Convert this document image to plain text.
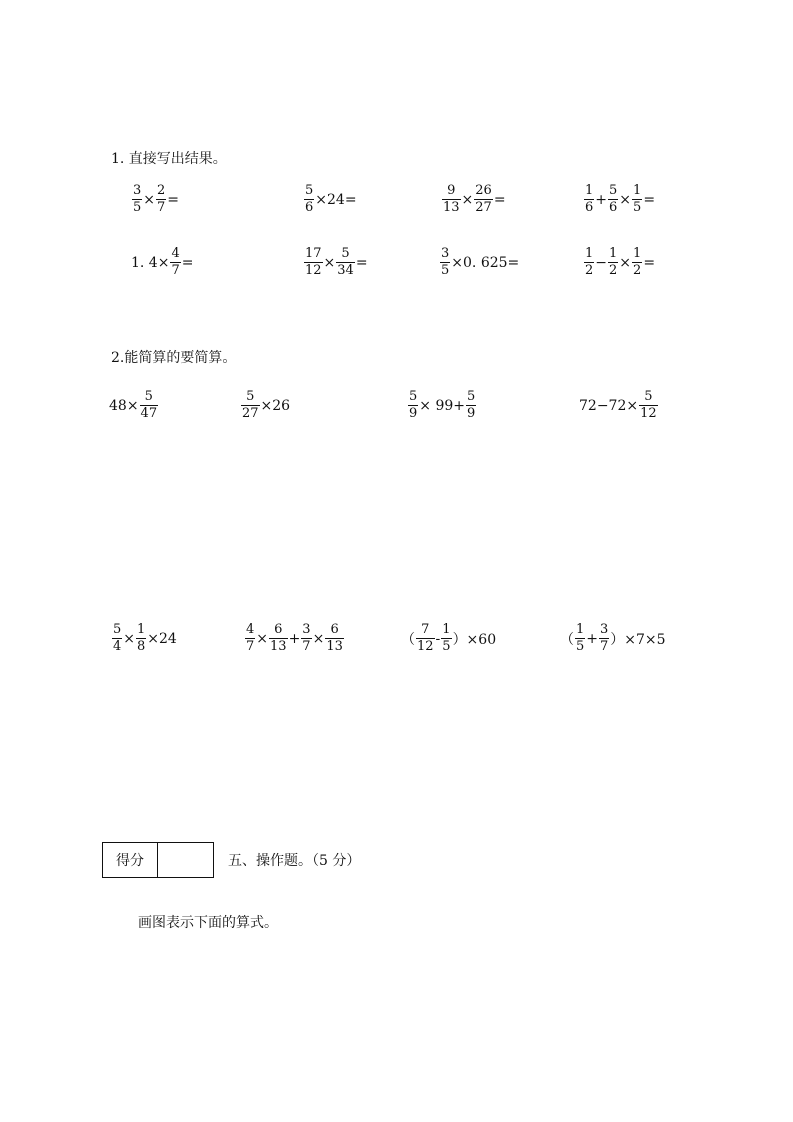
1. 直接写出结果。
$\frac{3}{5} \times \frac{2}{7}$ =	$\frac{5}{6} \times 24=$	$\frac{9}{13} \times \frac{26}{27}$ =	$\frac{1}{6} + \frac{5}{6} \times \frac{1}{5}$ =
1. $4\times \frac{4}{7}$ =	$\frac{17}{12} \times \frac{5}{34}$ =	$\frac{3}{5} \times 0$. 625=	$\frac{1}{2} - \frac{1}{2} \times \frac{1}{2}$ =
2.能简算的要简算。
$48\times \frac{5}{47}$	$\frac{5}{27} \times 26$	$\frac{5}{9} \times 99+ \frac{5}{9}$	$72-72\times \frac{5}{12}$
$\frac{5}{4} \times \frac{1}{8} \times 24$	$\frac{4}{7} \times \frac{6}{13} + \frac{3}{7} \times \frac{6}{13}$	（ $\frac{7}{12} - \frac{1}{5} )\times 60$	（ $\frac{1}{5} + \frac{3}{7} )\times 7\times 5$
得分	五、操作题。（5 分）
画图表示下面的算式。
